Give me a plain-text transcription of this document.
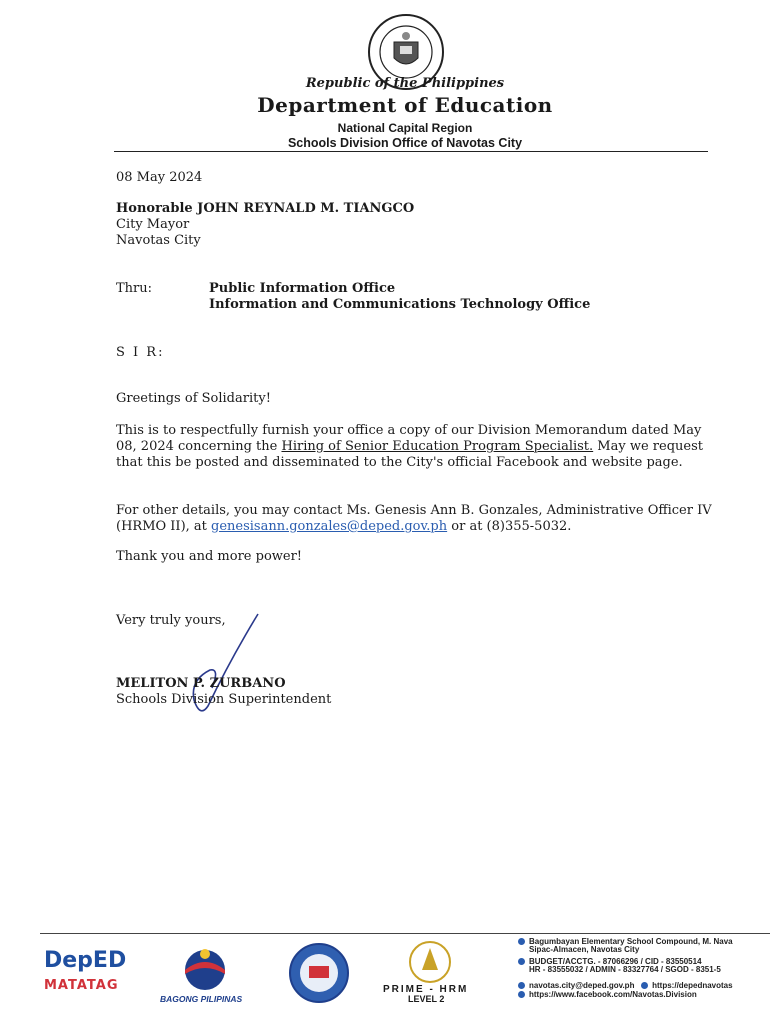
Republic of the Philippines
Department of Education
National Capital Region
Schools Division Office of Navotas City
08 May 2024
Honorable JOHN REYNALD M. TIANGCO
City Mayor
Navotas City
Thru:	Public Information Office
Information and Communications Technology Office
S I R:
Greetings of Solidarity!
This is to respectfully furnish your office a copy of our Division Memorandum dated May 08, 2024 concerning the Hiring of Senior Education Program Specialist. May we request that this be posted and disseminated to the City's official Facebook and website page.
For other details, you may contact Ms. Genesis Ann B. Gonzales, Administrative Officer IV (HRMO II), at genesisann.gonzales@deped.gov.ph or at (8)355-5032.
Thank you and more power!
Very truly yours,
MELITON P. ZURBANO
Schools Division Superintendent
DepED
MATATAG
BAGONG PILIPINAS
PRIME - HRM
LEVEL 2
Bagumbayan Elementary School Compound, M. Nava
Sipac-Almacen, Navotas City
BUDGET/ACCTG. - 87066296 / CID - 83550514
HR - 83555032 / ADMIN - 83327764 / SGOD - 8351-5
navotas.city@deped.gov.ph https://depednavotas
https://www.facebook.com/Navotas.Division
